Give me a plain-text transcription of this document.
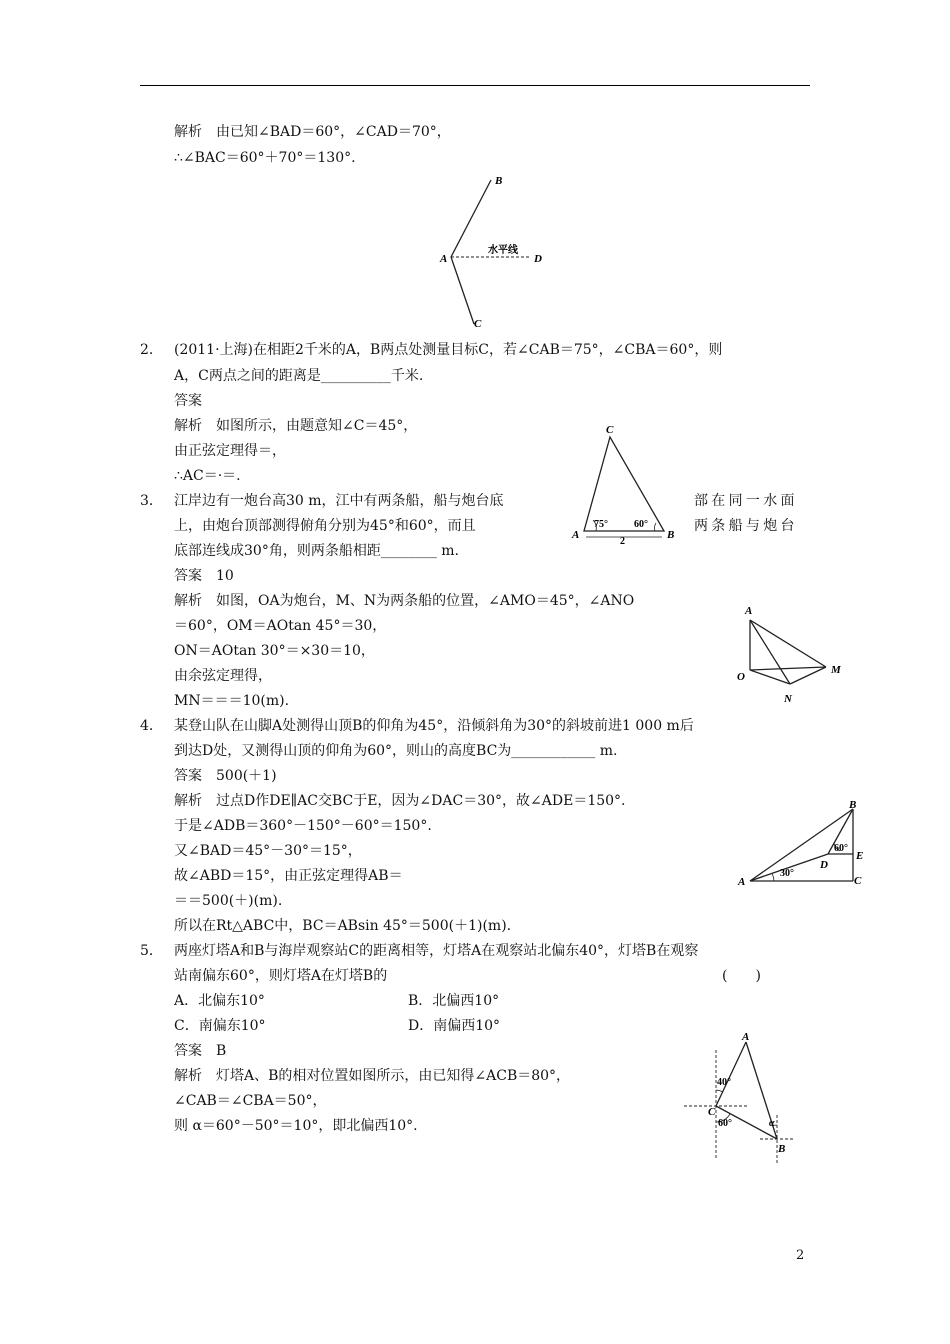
解析　由已知∠BAD＝60°，∠CAD＝70°，
∴∠BAC＝60°＋70°＝130°.
A
B
C
D
水平线
2． (2011·上海)在相距2千米的A，B两点处测量目标C，若∠CAB＝75°，∠CBA＝60°，则
A，C两点之间的距离是__________千米.
答案
解析　如图所示，由题意知∠C＝45°，
由正弦定理得＝，
∴AC＝·＝.
C
A	B
75°	60°
2
3． 江岸边有一炮台高30 m，江中有两条船，船与炮台底	部在同一水面
上，由炮台顶部测得俯角分别为45°和60°，而且	两条船与炮台
底部连线成30°角，则两条船相距________ m.
答案　10
解析　如图，OA为炮台，M、N为两条船的位置，∠AMO＝45°，∠ANO
＝60°，OM＝AOtan 45°＝30，
ON＝AOtan 30°＝×30＝10，
由余弦定理得，
MN＝＝＝10(m).
A
O
M
N
4． 某登山队在山脚A处测得山顶B的仰角为45°，沿倾斜角为30°的斜坡前进1 000 m后
到达D处，又测得山顶的仰角为60°，则山的高度BC为____________ m.
答案　500(＋1)
解析　过点D作DE∥AC交BC于E，因为∠DAC＝30°，故∠ADE＝150°.
于是∠ADB＝360°－150°－60°＝150°.
又∠BAD＝45°－30°＝15°，
故∠ABD＝15°，由正弦定理得AB＝
＝＝500(＋)(m).
所以在Rt△ABC中，BC＝ABsin 45°＝500(＋1)(m).
A
B
C
D
E
30°
60°
5． 两座灯塔A和B与海岸观察站C的距离相等，灯塔A在观察站北偏东40°，灯塔B在观察
站南偏东60°，则灯塔A在灯塔B的	(　　)
A．北偏东10°	B．北偏西10°
C．南偏东10°	D．南偏西10°
答案　B
解析　灯塔A、B的相对位置如图所示，由已知得∠ACB＝80°，
∠CAB＝∠CBA＝50°，
则 α＝60°－50°＝10°，即北偏西10°.
A
C
B
40°
60°	α
2
